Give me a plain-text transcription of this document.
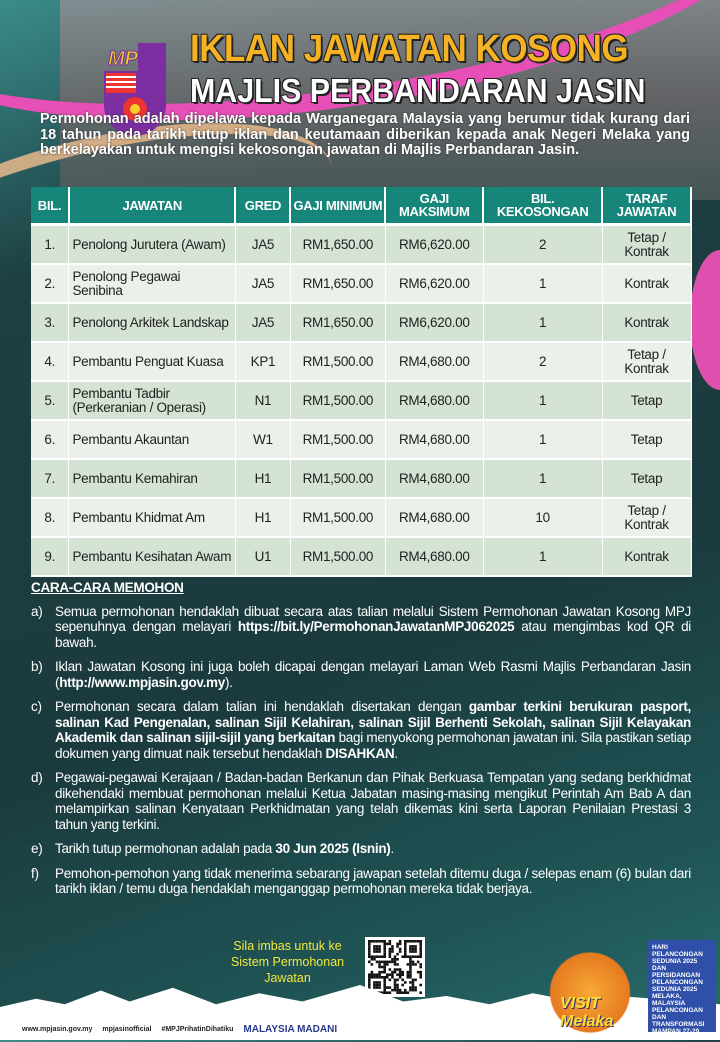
MP IKLAN JAWATAN KOSONG
MAJLIS PERBANDARAN JASIN
Permohonan adalah dipelawa kepada Warganegara Malaysia yang berumur tidak kurang dari 18 tahun pada tarikh tutup iklan dan keutamaan diberikan kepada anak Negeri Melaka yang berkelayakan untuk mengisi kekosongan jawatan di Majlis Perbandaran Jasin.
BIL.	JAWATAN	GRED	GAJI MINIMUM	GAJI MAKSIMUM	BIL. KEKOSONGAN	TARAF JAWATAN
1.	Penolong Jurutera (Awam)	JA5	RM1,650.00	RM6,620.00	2	Tetap / Kontrak
2.	Penolong Pegawai Senibina	JA5	RM1,650.00	RM6,620.00	1	Kontrak
3.	Penolong Arkitek Landskap	JA5	RM1,650.00	RM6,620.00	1	Kontrak
4.	Pembantu Penguat Kuasa	KP1	RM1,500.00	RM4,680.00	2	Tetap / Kontrak
5.	Pembantu Tadbir (Perkeranian / Operasi)	N1	RM1,500.00	RM4,680.00	1	Tetap
6.	Pembantu Akauntan	W1	RM1,500.00	RM4,680.00	1	Tetap
7.	Pembantu Kemahiran	H1	RM1,500.00	RM4,680.00	1	Tetap
8.	Pembantu Khidmat Am	H1	RM1,500.00	RM4,680.00	10	Tetap / Kontrak
9.	Pembantu Kesihatan Awam	U1	RM1,500.00	RM4,680.00	1	Kontrak
CARA-CARA MEMOHON
a) Semua permohonan hendaklah dibuat secara atas talian melalui Sistem Permohonan Jawatan Kosong MPJ sepenuhnya dengan melayari https://bit.ly/PermohonanJawatanMPJ062025 atau mengimbas kod QR di bawah.
b) Iklan Jawatan Kosong ini juga boleh dicapai dengan melayari Laman Web Rasmi Majlis Perbandaran Jasin (http://www.mpjasin.gov.my).
c) Permohonan secara dalam talian ini hendaklah disertakan dengan gambar terkini berukuran pasport, salinan Kad Pengenalan, salinan Sijil Kelahiran, salinan Sijil Berhenti Sekolah, salinan Sijil Kelayakan Akademik dan salinan sijil-sijil yang berkaitan bagi menyokong permohonan jawatan ini. Sila pastikan setiap dokumen yang dimuat naik tersebut hendaklah DISAHKAN.
d) Pegawai-pegawai Kerajaan / Badan-badan Berkanun dan Pihak Berkuasa Tempatan yang sedang berkhidmat dikehendaki membuat permohonan melalui Ketua Jabatan masing-masing mengikut Perintah Am Bab A dan melampirkan salinan Kenyataan Perkhidmatan yang telah dikemas kini serta Laporan Penilaian Prestasi 3 tahun yang terkini.
e) Tarikh tutup permohonan adalah pada 30 Jun 2025 (Isnin).
f)	Pemohon-pemohon yang tidak menerima sebarang jawapan setelah ditemu duga / selepas enam (6) bulan dari tarikh iklan / temu duga hendaklah menganggap permohonan mereka tidak berjaya.
Sila imbas untuk ke Sistem Permohonan Jawatan
VISIT Melaka
HARI PELANCONGAN SEDUNIA 2025 DAN PERSIDANGAN PELANCONGAN SEDUNIA 2025 MELAKA, MALAYSIA PELANCONGAN DAN TRANSFORMASI MAMPAN 27-29 SEPTEMBER 2025
www.mpjasin.gov.my mpjasinofficial #MPJPrihatinDihatiku MALAYSIA MADANI
